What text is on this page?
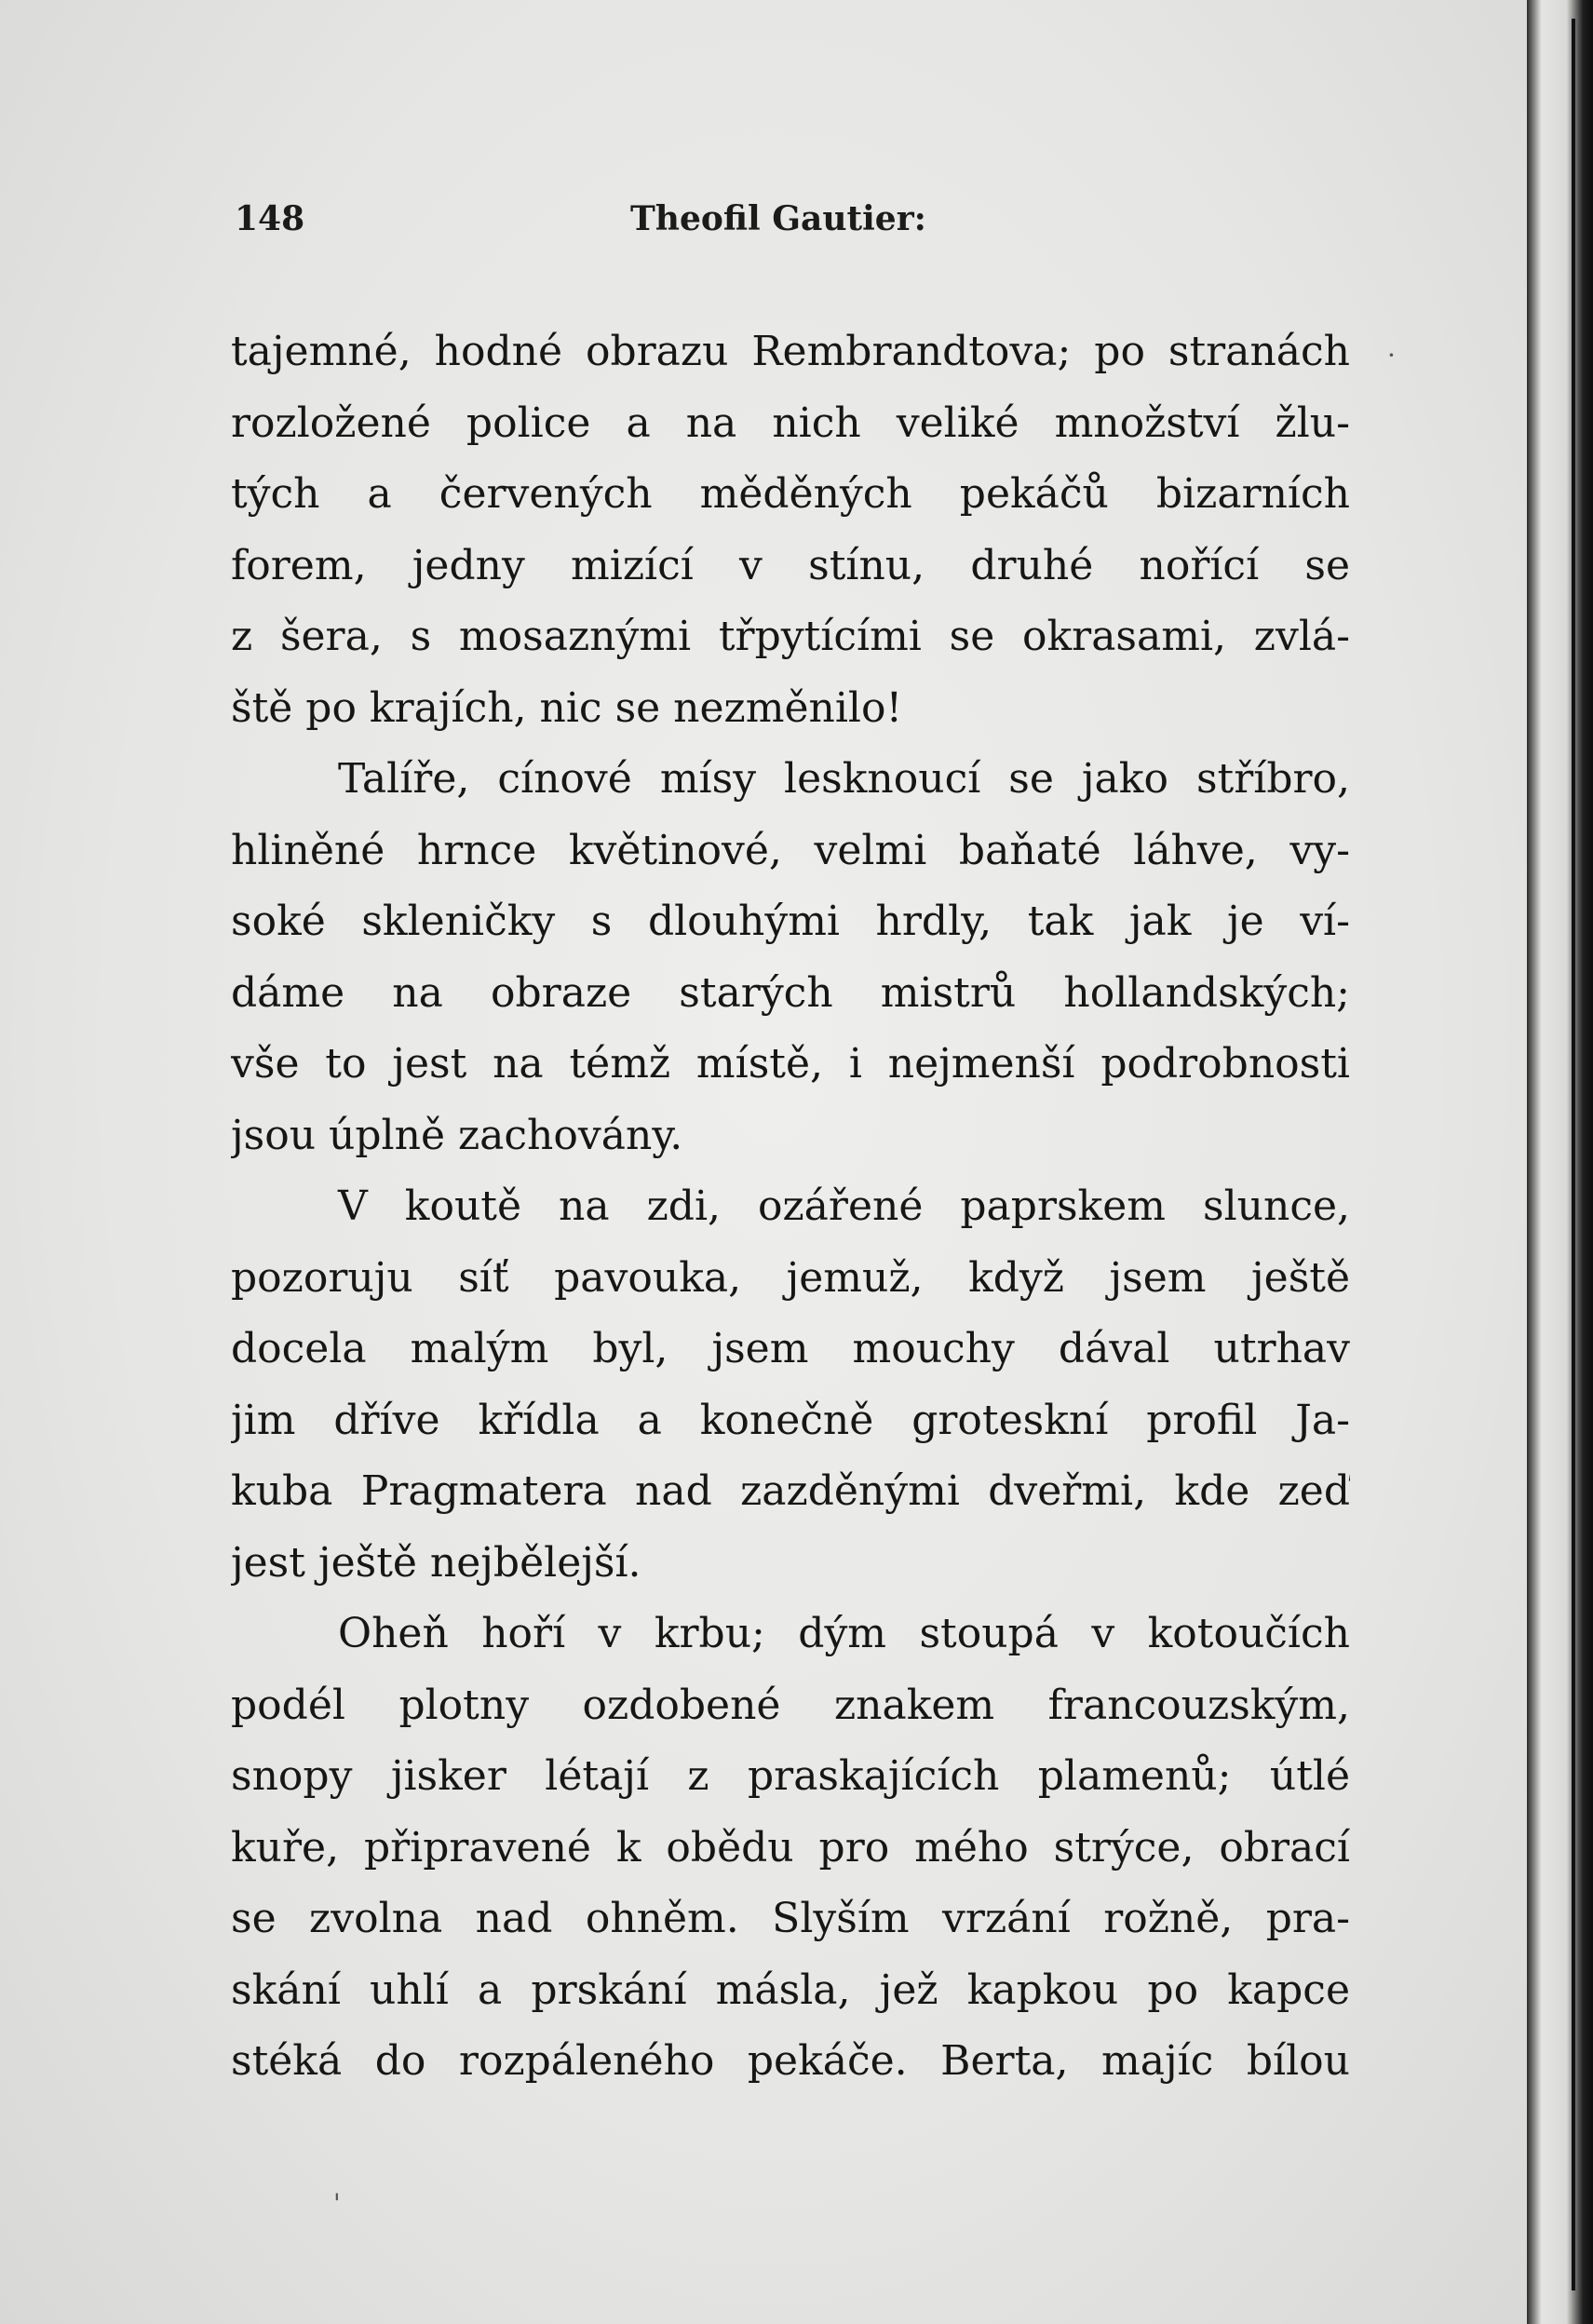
148	Theofil Gautier:
tajemné, hodné obrazu Rembrandtova; po stranách
rozložené police a na nich veliké množství žlu-
tých a červených měděných pekáčů bizarních
forem, jedny mizící v stínu, druhé nořící se
z šera, s mosaznými třpytícími se okrasami, zvlá-
ště po krajích, nic se nezměnilo!
Talíře, cínové mísy lesknoucí se jako stříbro,
hliněné hrnce květinové, velmi baňaté láhve, vy-
soké skleničky s dlouhými hrdly, tak jak je ví-
dáme na obraze starých mistrů hollandských;
vše to jest na témž místě, i nejmenší podrobnosti
jsou úplně zachovány.
V koutě na zdi, ozářené paprskem slunce,
pozoruju síť pavouka, jemuž, když jsem ještě
docela malým byl, jsem mouchy dával utrhav
jim dříve křídla a konečně groteskní profil Ja-
kuba Pragmatera nad zazděnými dveřmi, kde zeď
jest ještě nejbělejší.
Oheň hoří v krbu; dým stoupá v kotoučích
podél plotny ozdobené znakem francouzským,
snopy jisker létají z praskajících plamenů; útlé
kuře, připravené k obědu pro mého strýce, obrací
se zvolna nad ohněm. Slyším vrzání rožně, pra-
skání uhlí a prskání másla, jež kapkou po kapce
stéká do rozpáleného pekáče. Berta, majíc bílou
·
'
